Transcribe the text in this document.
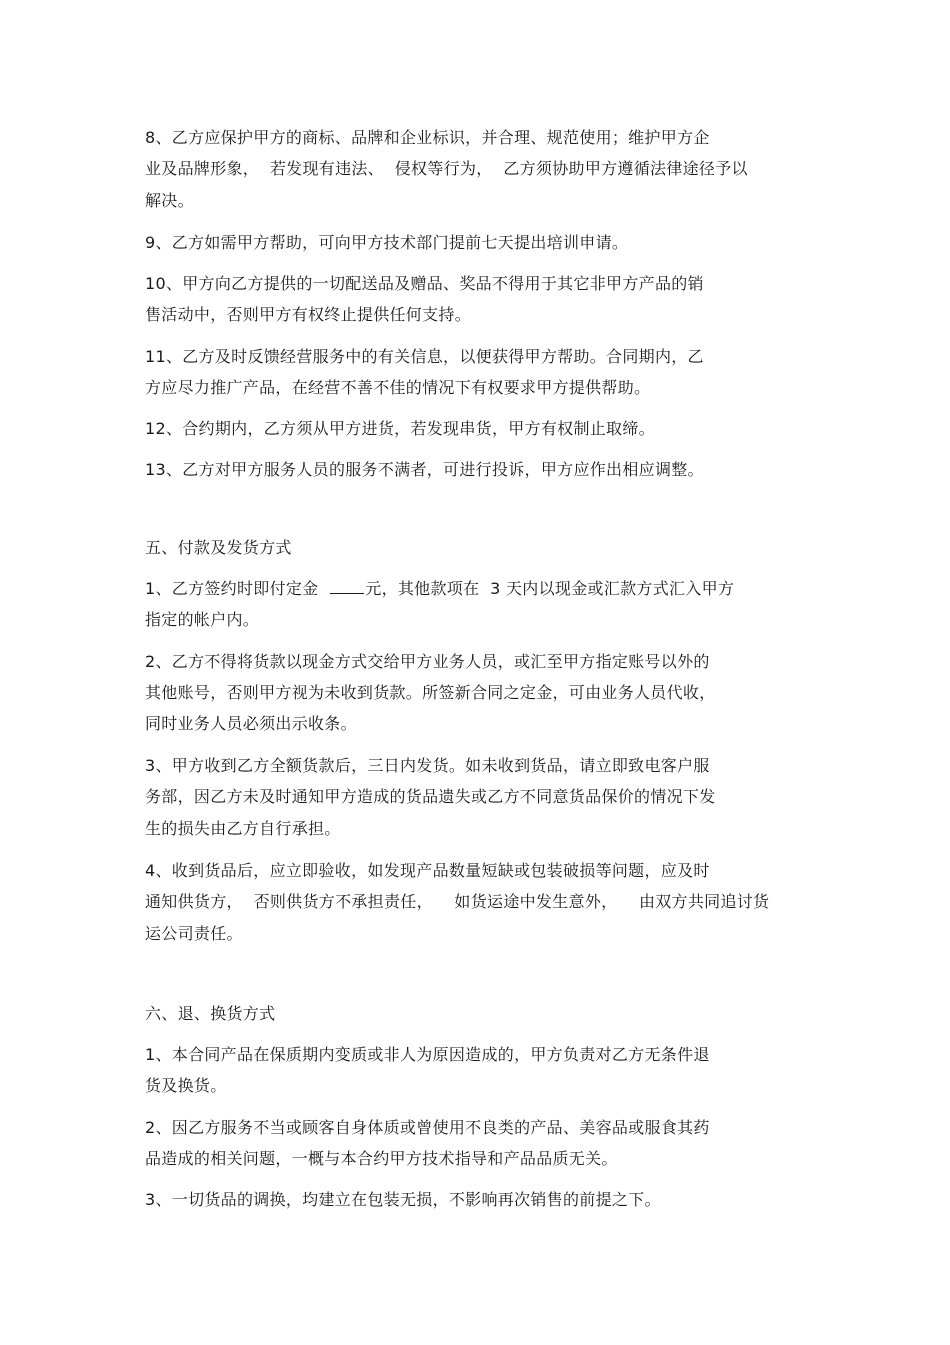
8、乙方应保护甲方的商标、品牌和企业标识，并合理、规范使用；维护甲方企
业及品牌形象，  若发现有违法、  侵权等行为，  乙方须协助甲方遵循法律途径予以
解决。
9、乙方如需甲方帮助，可向甲方技术部门提前七天提出培训申请。
10、甲方向乙方提供的一切配送品及赠品、奖品不得用于其它非甲方产品的销
售活动中，否则甲方有权终止提供任何支持。
11、乙方及时反馈经营服务中的有关信息，以便获得甲方帮助。合同期内，乙
方应尽力推广产品，在经营不善不佳的情况下有权要求甲方提供帮助。
12、合约期内，乙方须从甲方进货，若发现串货，甲方有权制止取缔。
13、乙方对甲方服务人员的服务不满者，可进行投诉，甲方应作出相应调整。
五、付款及发货方式
1、乙方签约时即付定金  元，其他款项在  3 天内以现金或汇款方式汇入甲方
指定的帐户内。
2、乙方不得将货款以现金方式交给甲方业务人员，或汇至甲方指定账号以外的
其他账号，否则甲方视为未收到货款。所签新合同之定金，可由业务人员代收，
同时业务人员必须出示收条。
3、甲方收到乙方全额货款后，三日内发货。如未收到货品，请立即致电客户服
务部，因乙方未及时通知甲方造成的货品遗失或乙方不同意货品保价的情况下发
生的损失由乙方自行承担。
4、收到货品后，应立即验收，如发现产品数量短缺或包装破损等问题，应及时
通知供货方，  否则供货方不承担责任，    如货运途中发生意外，    由双方共同追讨货
运公司责任。
六、退、换货方式
1、本合同产品在保质期内变质或非人为原因造成的，甲方负责对乙方无条件退
货及换货。
2、因乙方服务不当或顾客自身体质或曾使用不良类的产品、美容品或服食其药
品造成的相关问题，一概与本合约甲方技术指导和产品品质无关。
3、一切货品的调换，均建立在包装无损，不影响再次销售的前提之下。
